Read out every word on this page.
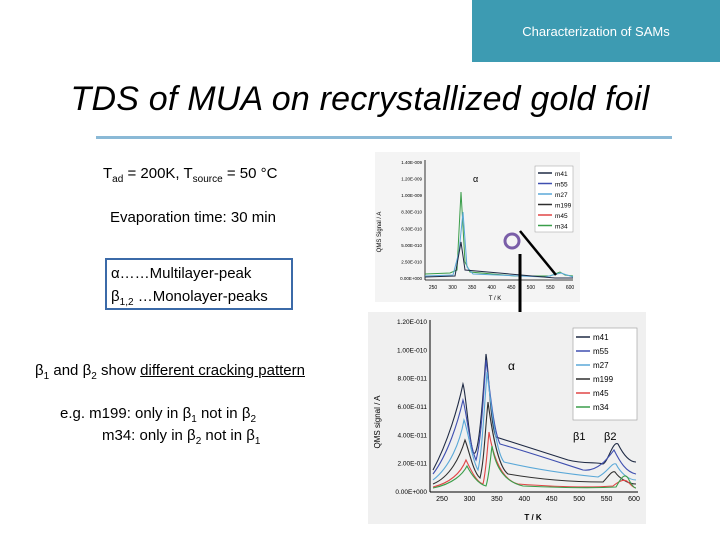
Characterization of SAMs
TDS of MUA on recrystallized gold foil
$T_{ad} = 200K$, $T_{source} = 50$ °C
Evaporation time: 30 min
α……Multilayer-peak
$\beta_{1,2}$ …Monolayer-peaks
$\beta_1$ and $\beta_2$ show different cracking pattern
e.g. m199: only in $\beta_1$ not in $\beta_2$
m34: only in $\beta_2$ not in $\beta_1$
QMS Signal / A
0.00E+000
2.50E-010
5.00E-010
6.30E-010
8.30E-010
1.00E-009
1.20E-009
1.40E-009
250 300 350 400 450 500 550 600
T / K
α	m41
m55
m27
m199
m45
m34
QMS signal / A
0.00E+000
2.00E-011
4.00E-011
6.00E-011
8.00E-011
1.00E-010
1.20E-010
250 300 350 400 450 500 550 600
T / K
α
β1 β2
m41
m55
m27
m199
m45
m34
